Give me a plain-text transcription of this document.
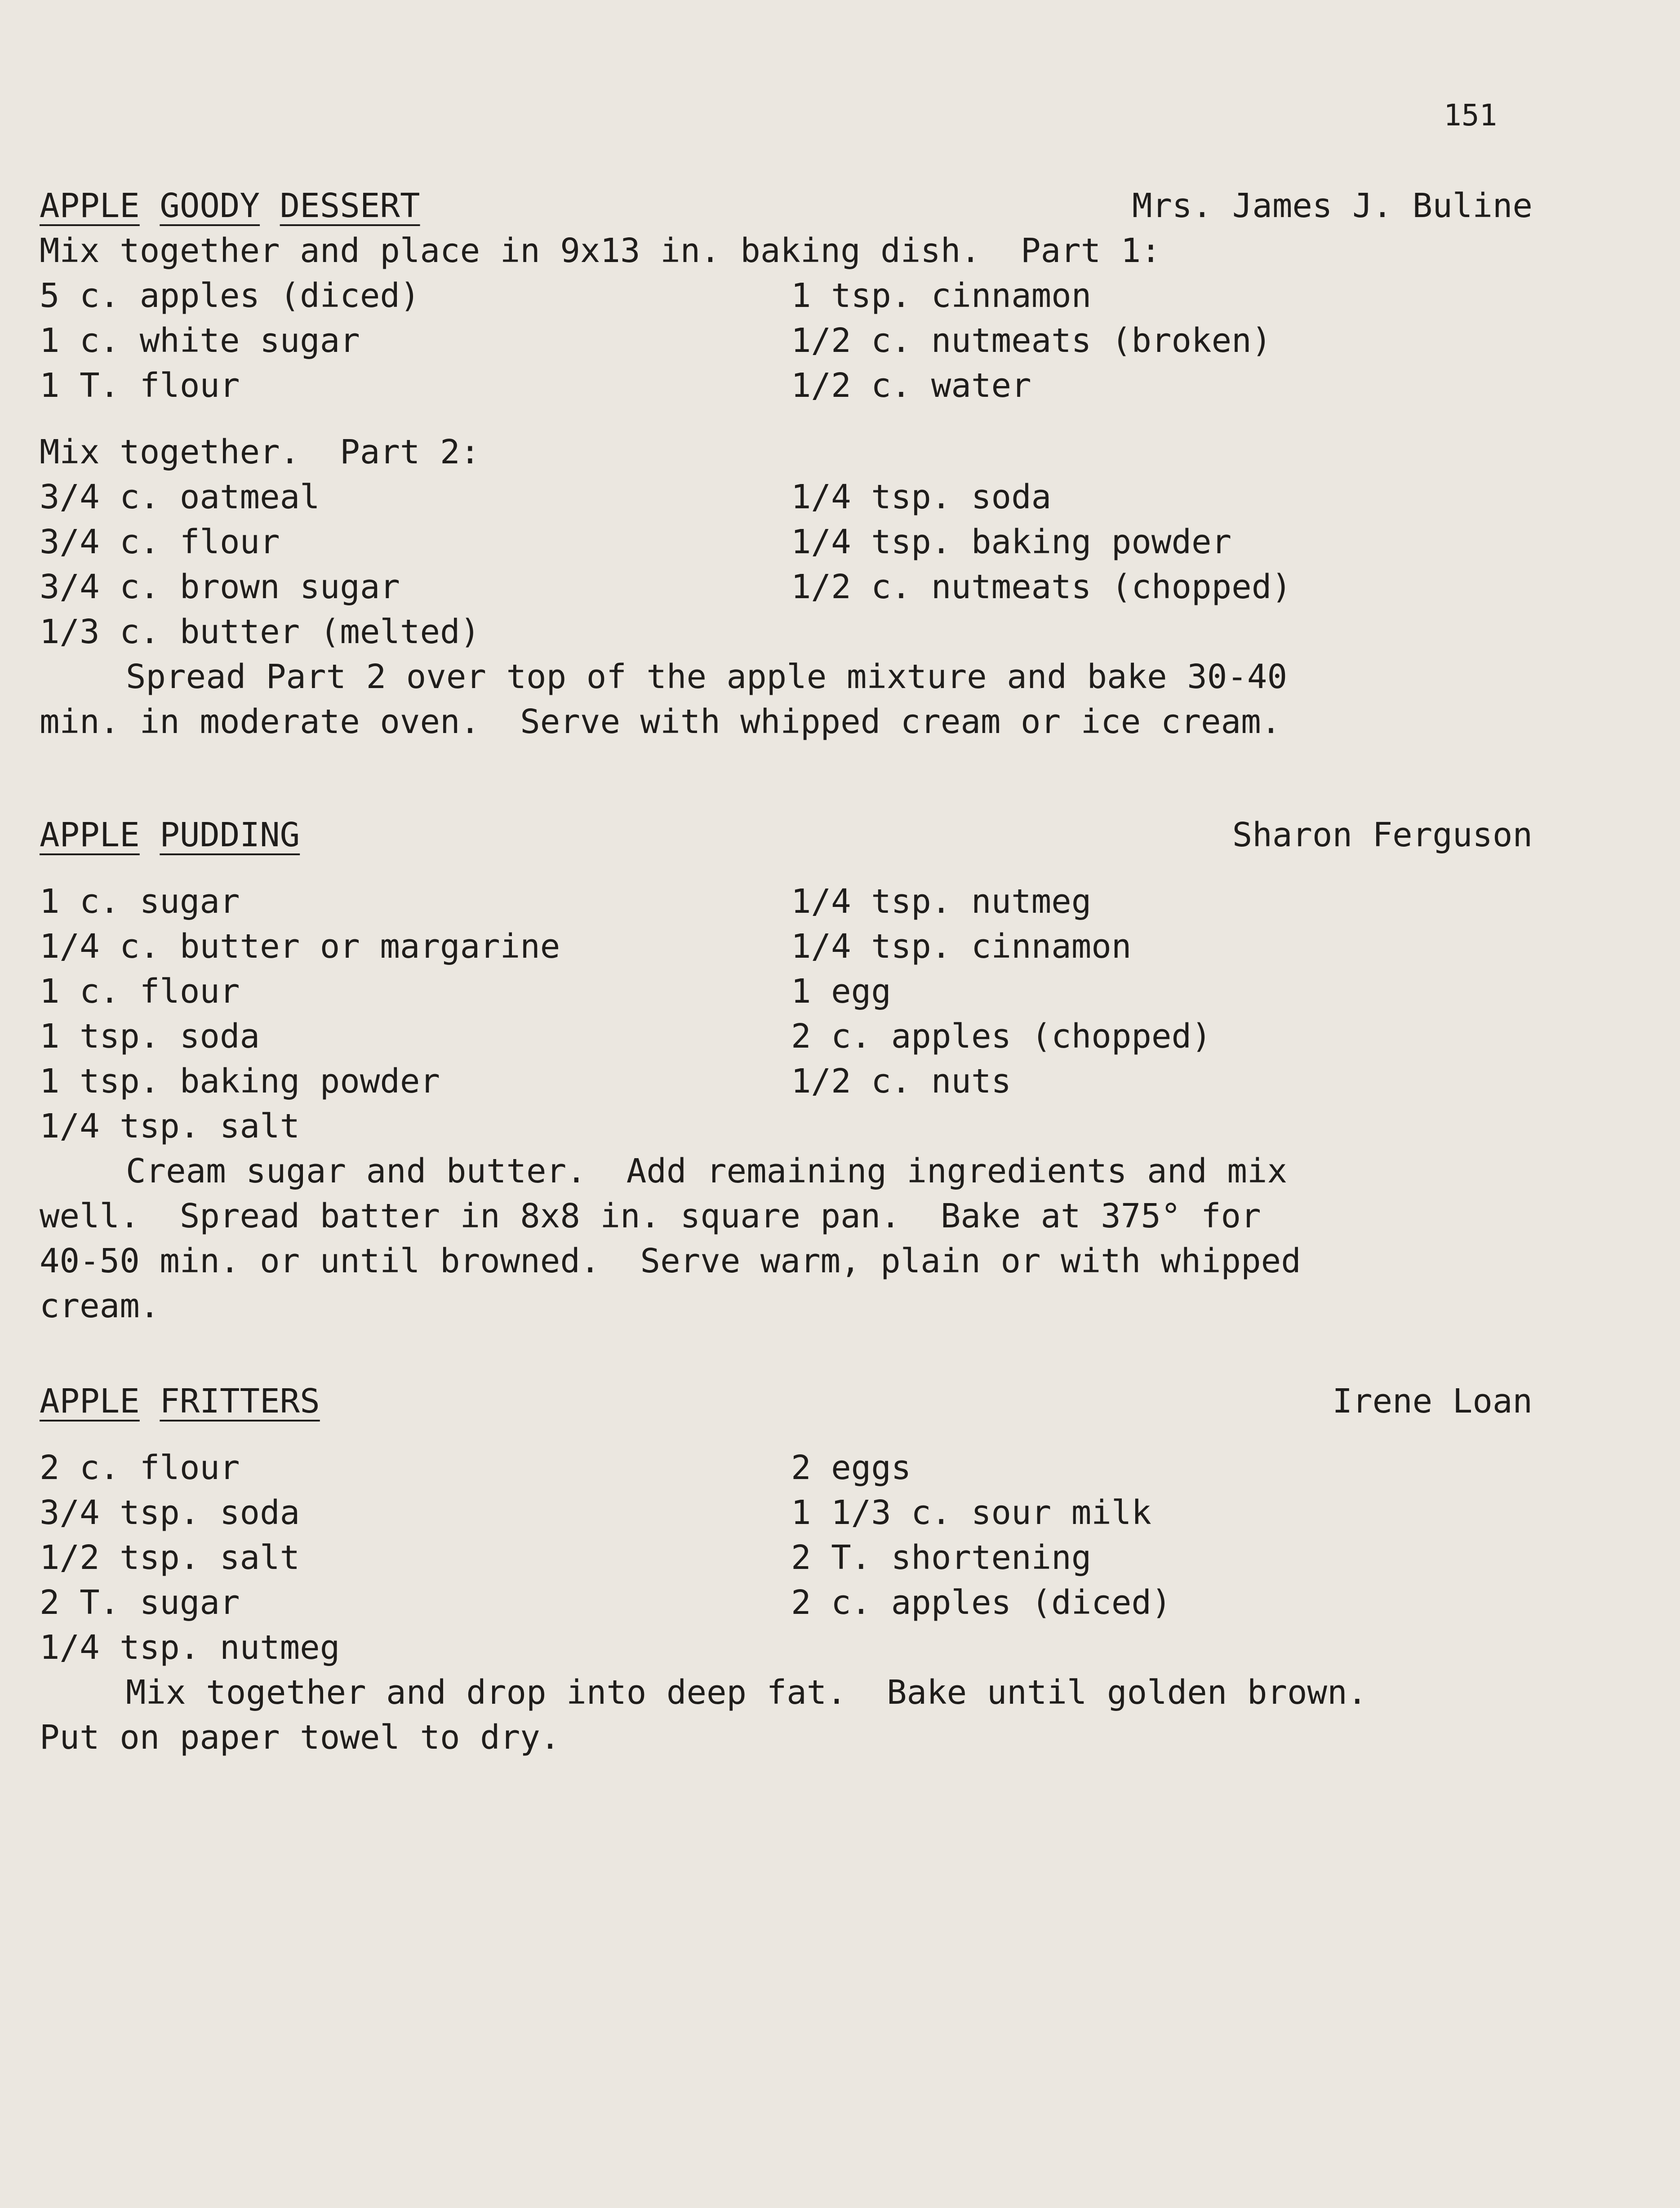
151
APPLE GOODY DESSERT	Mrs. James J. Buline
Mix together and place in 9x13 in. baking dish.  Part 1:
5 c. apples (diced)	1 tsp. cinnamon
1 c. white sugar	1/2 c. nutmeats (broken)
1 T. flour	1/2 c. water
Mix together.  Part 2:
3/4 c. oatmeal	1/4 tsp. soda
3/4 c. flour	1/4 tsp. baking powder
3/4 c. brown sugar	1/2 c. nutmeats (chopped)
1/3 c. butter (melted)
Spread Part 2 over top of the apple mixture and bake 30-40
min. in moderate oven.  Serve with whipped cream or ice cream.
APPLE PUDDING	Sharon Ferguson
1 c. sugar	1/4 tsp. nutmeg
1/4 c. butter or margarine	1/4 tsp. cinnamon
1 c. flour	1 egg
1 tsp. soda	2 c. apples (chopped)
1 tsp. baking powder	1/2 c. nuts
1/4 tsp. salt
Cream sugar and butter.  Add remaining ingredients and mix
well.  Spread batter in 8x8 in. square pan.  Bake at 375° for
40-50 min. or until browned.  Serve warm, plain or with whipped
cream.
APPLE FRITTERS	Irene Loan
2 c. flour	2 eggs
3/4 tsp. soda	1 1/3 c. sour milk
1/2 tsp. salt	2 T. shortening
2 T. sugar	2 c. apples (diced)
1/4 tsp. nutmeg
Mix together and drop into deep fat.  Bake until golden brown.
Put on paper towel to dry.
